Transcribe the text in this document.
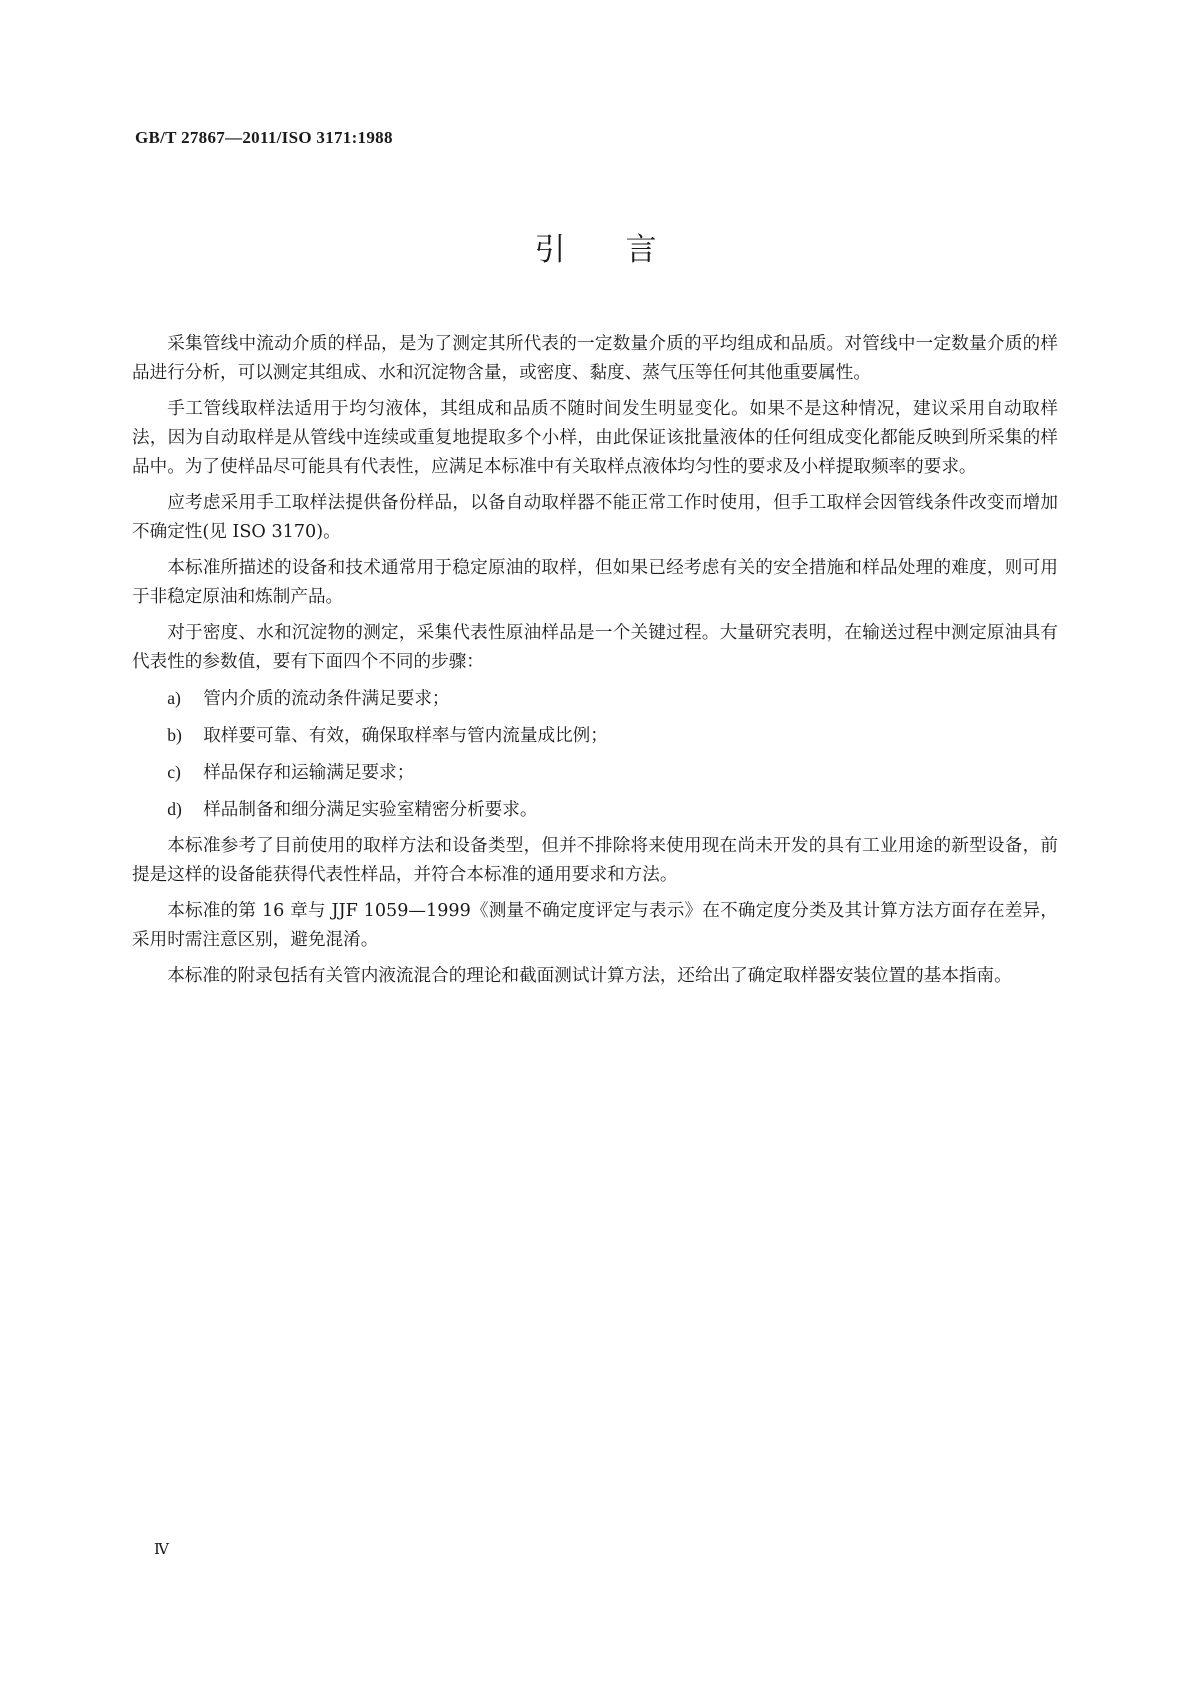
GB/T 27867—2011/ISO 3171:1988
引言

采集管线中流动介质的样品，是为了测定其所代表的一定数量介质的平均组成和品质。对管线中一定数量介质的样品进行分析，可以测定其组成、水和沉淀物含量，或密度、黏度、蒸气压等任何其他重要属性。

手工管线取样法适用于均匀液体，其组成和品质不随时间发生明显变化。如果不是这种情况，建议采用自动取样法，因为自动取样是从管线中连续或重复地提取多个小样，由此保证该批量液体的任何组成变化都能反映到所采集的样品中。为了使样品尽可能具有代表性，应满足本标准中有关取样点液体均匀性的要求及小样提取频率的要求。

应考虑采用手工取样法提供备份样品，以备自动取样器不能正常工作时使用，但手工取样会因管线条件改变而增加不确定性(见 ISO 3170)。

本标准所描述的设备和技术通常用于稳定原油的取样，但如果已经考虑有关的安全措施和样品处理的难度，则可用于非稳定原油和炼制产品。

对于密度、水和沉淀物的测定，采集代表性原油样品是一个关键过程。大量研究表明，在输送过程中测定原油具有代表性的参数值，要有下面四个不同的步骤：

a) 管内介质的流动条件满足要求；
b) 取样要可靠、有效，确保取样率与管内流量成比例；
c) 样品保存和运输满足要求；
d) 样品制备和细分满足实验室精密分析要求。

本标准参考了目前使用的取样方法和设备类型，但并不排除将来使用现在尚未开发的具有工业用途的新型设备，前提是这样的设备能获得代表性样品，并符合本标准的通用要求和方法。

本标准的第 16 章与 JJF 1059—1999《测量不确定度评定与表示》在不确定度分类及其计算方法方面存在差异，采用时需注意区别，避免混淆。

本标准的附录包括有关管内液流混合的理论和截面测试计算方法，还给出了确定取样器安装位置的基本指南。

Ⅳ
